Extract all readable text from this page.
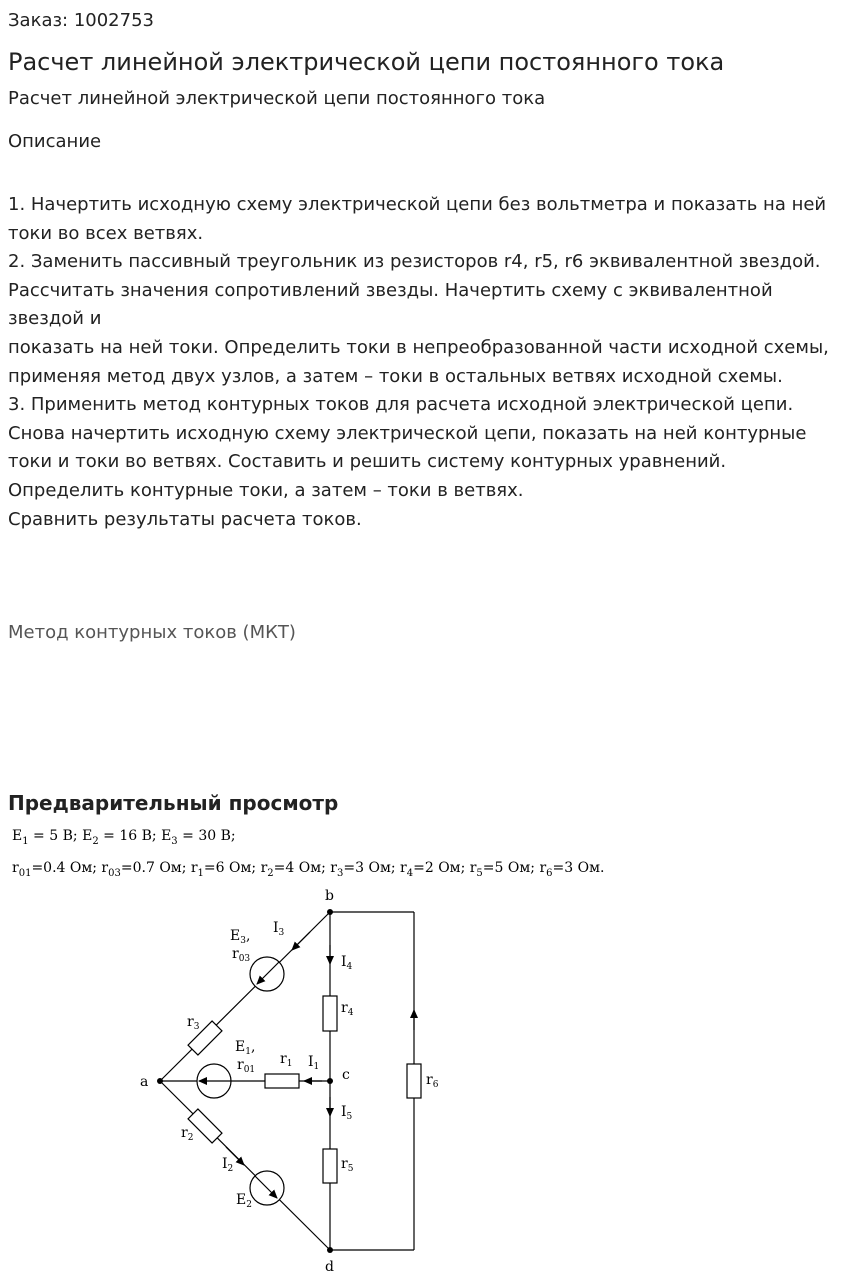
Заказ: 1002753
Расчет линейной электрической цепи постоянного тока
Расчет линейной электрической цепи постоянного тока
Описание
1. Начертить исходную схему электрической цепи без вольтметра и показать на ней токи во всех ветвях.
2. Заменить пассивный треугольник из резисторов r4, r5, r6 эквивалентной звездой. Рассчитать значения сопротивлений звезды. Начертить схему с эквивалентной звездой и
показать на ней токи. Определить токи в непреобразованной части исходной схемы, применяя метод двух узлов, а затем – токи в остальных ветвях исходной схемы.
3. Применить метод контурных токов для расчета исходной электрической цепи. Снова начертить исходную схему электрической цепи, показать на ней контурные токи и токи во ветвях. Составить и решить систему контурных уравнений. Определить контурные токи, а затем – токи в ветвях.
Сравнить результаты расчета токов.
Метод контурных токов (МКТ)
Предварительный просмотр
$E_1 = 5$ В; $E_2 = 16$ В; $E_3 = 30$ В;
$r_{01}=0.4$ Ом; $r_{03}=0.7$ Ом; $r_1=6$ Ом; $r_2=4$ Ом; $r_3=3$ Ом; $r_4=2$ Ом; $r_5=5$ Ом; $r_6=3$ Ом.
a
b
c
d
$I_3$
$I_4$
$I_1$
$I_5$
$I_2$
$E_3$,
$r_{03}$
$E_1$,
$r_{01}$
$E_2$
$r_1$
$r_2$
$r_3$
$r_4$
$r_5$
$r_6$
